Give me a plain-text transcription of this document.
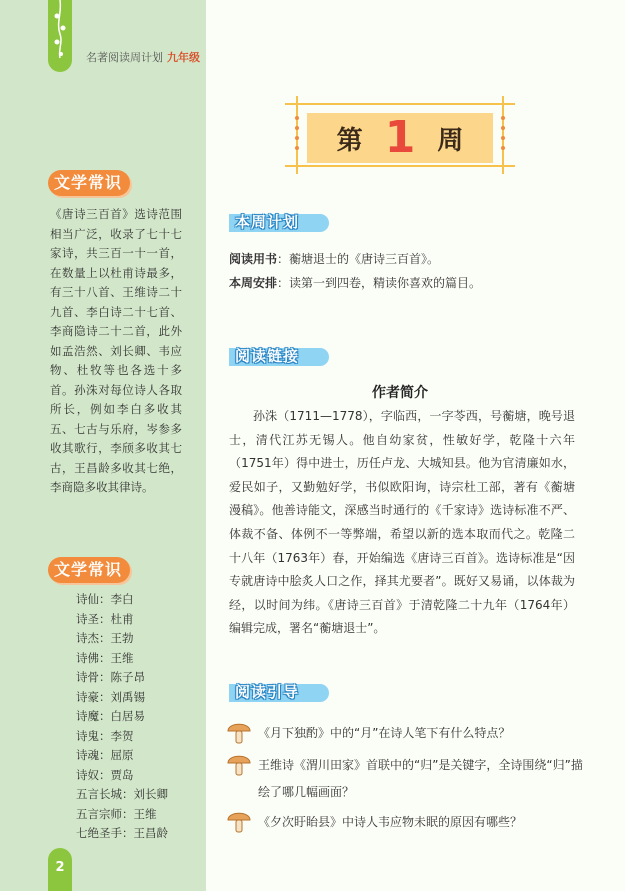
名著阅读周计划 九年级
文学常识
《唐诗三百首》选诗范围相当广泛，收录了七十七家诗，共三百一十一首，在数量上以杜甫诗最多，有三十八首、王维诗二十九首、李白诗二十七首、李商隐诗二十二首，此外如孟浩然、刘长卿、韦应物、杜牧等也各选十多首。孙洙对每位诗人各取所长，例如李白多收其五、七古与乐府，岑参多收其歌行，李颀多收其七古，王昌龄多收其七绝，李商隐多收其律诗。
文学常识
诗仙：李白
诗圣：杜甫
诗杰：王勃
诗佛：王维
诗骨：陈子昂
诗豪：刘禹锡
诗魔：白居易
诗鬼：李贺
诗魂：屈原
诗奴：贾岛
五言长城：刘长卿
五言宗师：王维
七绝圣手：王昌龄
2
第 1 周
本周计划
阅读用书：蘅塘退士的《唐诗三百首》。
本周安排：读第一到四卷，精读你喜欢的篇目。
阅读链接
作者简介
孙洙（1711—1778），字临西，一字苓西，号蘅塘，晚号退士，清代江苏无锡人。他自幼家贫，性敏好学，乾隆十六年（1751年）得中进士，历任卢龙、大城知县。他为官清廉如水，爱民如子，又勤勉好学，书似欧阳询，诗宗杜工部，著有《蘅塘漫稿》。他善诗能文，深感当时通行的《千家诗》选诗标准不严、体裁不备、体例不一等弊端，希望以新的选本取而代之。乾隆二十八年（1763年）春，开始编选《唐诗三百首》。选诗标准是“因专就唐诗中脍炙人口之作，择其尤要者”。既好又易诵，以体裁为经，以时间为纬。《唐诗三百首》于清乾隆二十九年（1764年）编辑完成，署名“蘅塘退士”。
阅读引导
《月下独酌》中的“月”在诗人笔下有什么特点？
王维诗《渭川田家》首联中的“归”是关键字，全诗围绕“归”描绘了哪几幅画面？
《夕次盱眙县》中诗人韦应物未眠的原因有哪些？
